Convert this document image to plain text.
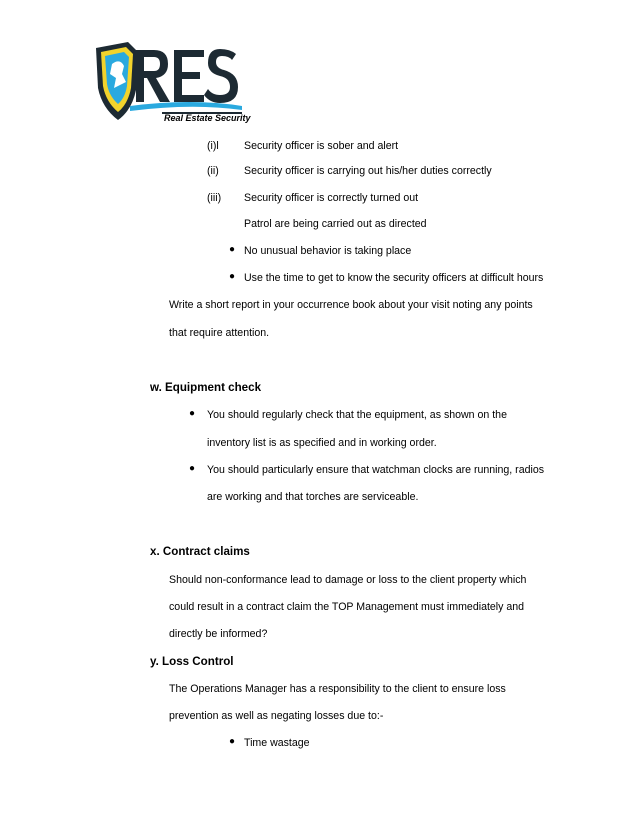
Real Estate Security
(i)l Security officer is sober and alert
(ii) Security officer is carrying out his/her duties correctly
(iii) Security officer is correctly turned out
Patrol are being carried out as directed
● No unusual behavior is taking place
● Use the time to get to know the security officers at difficult hours
Write a short report in your occurrence book about your visit noting any points
that require attention.
w. Equipment check
● You should regularly check that the equipment, as shown on the
inventory list is as specified and in working order.
● You should particularly ensure that watchman clocks are running, radios
are working and that torches are serviceable.
x. Contract claims
Should non-conformance lead to damage or loss to the client property which
could result in a contract claim the TOP Management must immediately and
directly be informed?
y. Loss Control
The Operations Manager has a responsibility to the client to ensure loss
prevention as well as negating losses due to:-
● Time wastage
